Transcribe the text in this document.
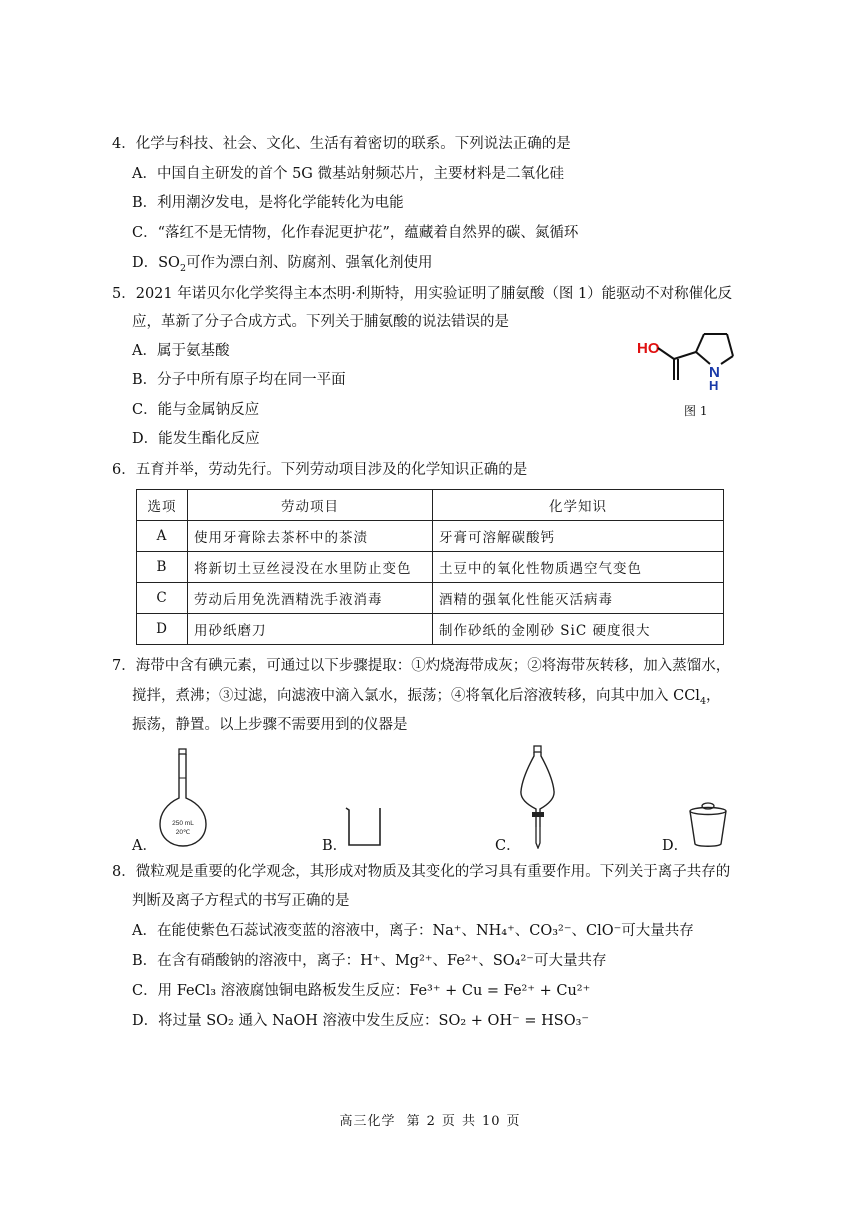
4．化学与科技、社会、文化、生活有着密切的联系。下列说法正确的是
A．中国自主研发的首个 5G 微基站射频芯片，主要材料是二氧化硅
B．利用潮汐发电，是将化学能转化为电能
C．“落红不是无情物，化作春泥更护花”，蕴藏着自然界的碳、氮循环
D．$SO_2$可作为漂白剂、防腐剂、强氧化剂使用
5．2021 年诺贝尔化学奖得主本杰明·利斯特，用实验证明了脯氨酸（图 1）能驱动不对称催化反
应，革新了分子合成方式。下列关于脯氨酸的说法错误的是
A．属于氨基酸
B．分子中所有原子均在同一平面
C．能与金属钠反应
D．能发生酯化反应
HO
N
H
图 1
6．五育并举，劳动先行。下列劳动项目涉及的化学知识正确的是
选项	劳动项目	化学知识
A	使用牙膏除去茶杯中的茶渍	牙膏可溶解碳酸钙
B	将新切土豆丝浸没在水里防止变色	土豆中的氧化性物质遇空气变色
C	劳动后用免洗酒精洗手液消毒	酒精的强氧化性能灭活病毒
D	用砂纸磨刀	制作砂纸的金刚砂 SiC 硬度很大
7．海带中含有碘元素，可通过以下步骤提取：①灼烧海带成灰；②将海带灰转移，加入蒸馏水，
搅拌，煮沸；③过滤，向滤液中滴入氯水，振荡；④将氧化后溶液转移，向其中加入 CCl$_4$，
振荡，静置。以上步骤不需要用到的仪器是
A．
250 mL
20℃
B．	C．	D．
8．微粒观是重要的化学观念，其形成对物质及其变化的学习具有重要作用。下列关于离子共存的
判断及离子方程式的书写正确的是
A．在能使紫色石蕊试液变蓝的溶液中，离子：Na⁺、NH₄⁺、CO₃²⁻、ClO⁻可大量共存
B．在含有硝酸钠的溶液中，离子：H⁺、Mg²⁺、Fe²⁺、SO₄²⁻可大量共存
C．用 FeCl₃ 溶液腐蚀铜电路板发生反应：Fe³⁺ + Cu = Fe²⁺ + Cu²⁺
D．将过量 SO₂ 通入 NaOH 溶液中发生反应：SO₂ + OH⁻ = HSO₃⁻
高三化学 第 2 页 共 10 页
